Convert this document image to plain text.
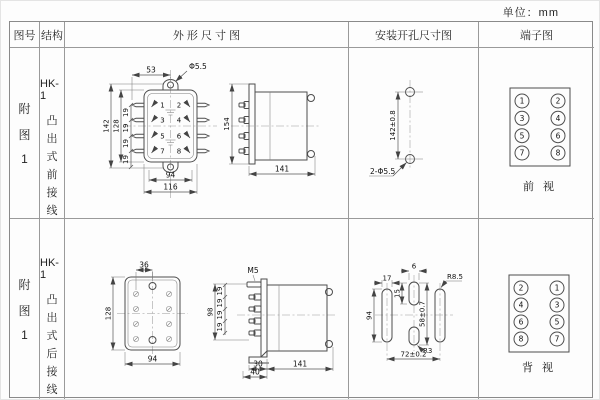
单位：mm
图号 结构	外 形 尺 寸 图	安装开孔尺寸图	端子图
附
图
1
HK-1
凸
出
式
前
接
线
1 2
3 4
5 6
7 8
53	Φ5.5
142 128
19
19
19
19
94
116
154
141
142±0.8
2-Φ5.5
1	2
3	4
5	6
7	8
前 视
附
图
1
HK-1
凸
出
式
后
接
线
36
128
94
M5
98
19
19
19
19
30
40
141
17
94
6
15
58±0.7
R3
R8.5
72±0.2
2	1
4	3
6	5
8	7
背 视
